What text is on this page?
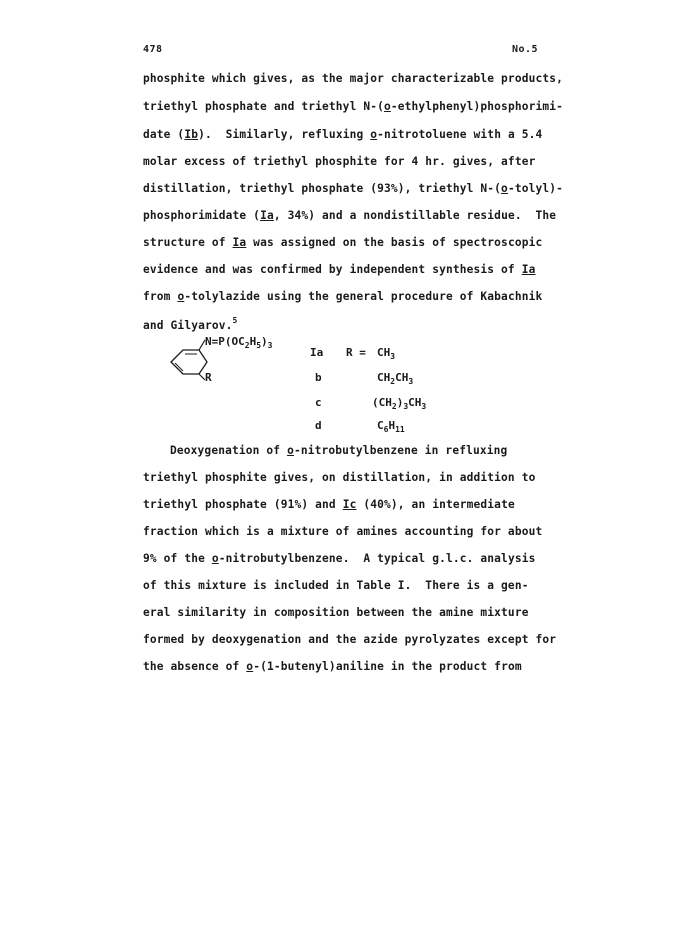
478	No.5
phosphite which gives, as the major characterizable products,
triethyl phosphate and triethyl N-(o-ethylphenyl)phosphorimi-
date (Ib).  Similarly, refluxing o-nitrotoluene with a 5.4
molar excess of triethyl phosphite for 4 hr. gives, after
distillation, triethyl phosphate (93%), triethyl N-(o-tolyl)-
phosphorimidate (Ia, 34%) and a nondistillable residue.  The
structure of Ia was assigned on the basis of spectroscopic
evidence and was confirmed by independent synthesis of Ia
from o-tolylazide using the general procedure of Kabachnik
and Gilyarov.$^5$
$N=P(OC_2H_5)_3$
R
Ia $R = CH_3$
b	$CH_2CH_3$
c	$(CH_2)_3CH_3$
d	$C_6H_{11}$
Deoxygenation of o-nitrobutylbenzene in refluxing
triethyl phosphite gives, on distillation, in addition to
triethyl phosphate (91%) and Ic (40%), an intermediate
fraction which is a mixture of amines accounting for about
9% of the o-nitrobutylbenzene.  A typical g.l.c. analysis
of this mixture is included in Table I.  There is a gen-
eral similarity in composition between the amine mixture
formed by deoxygenation and the azide pyrolyzates except for
the absence of o-(1-butenyl)aniline in the product from
